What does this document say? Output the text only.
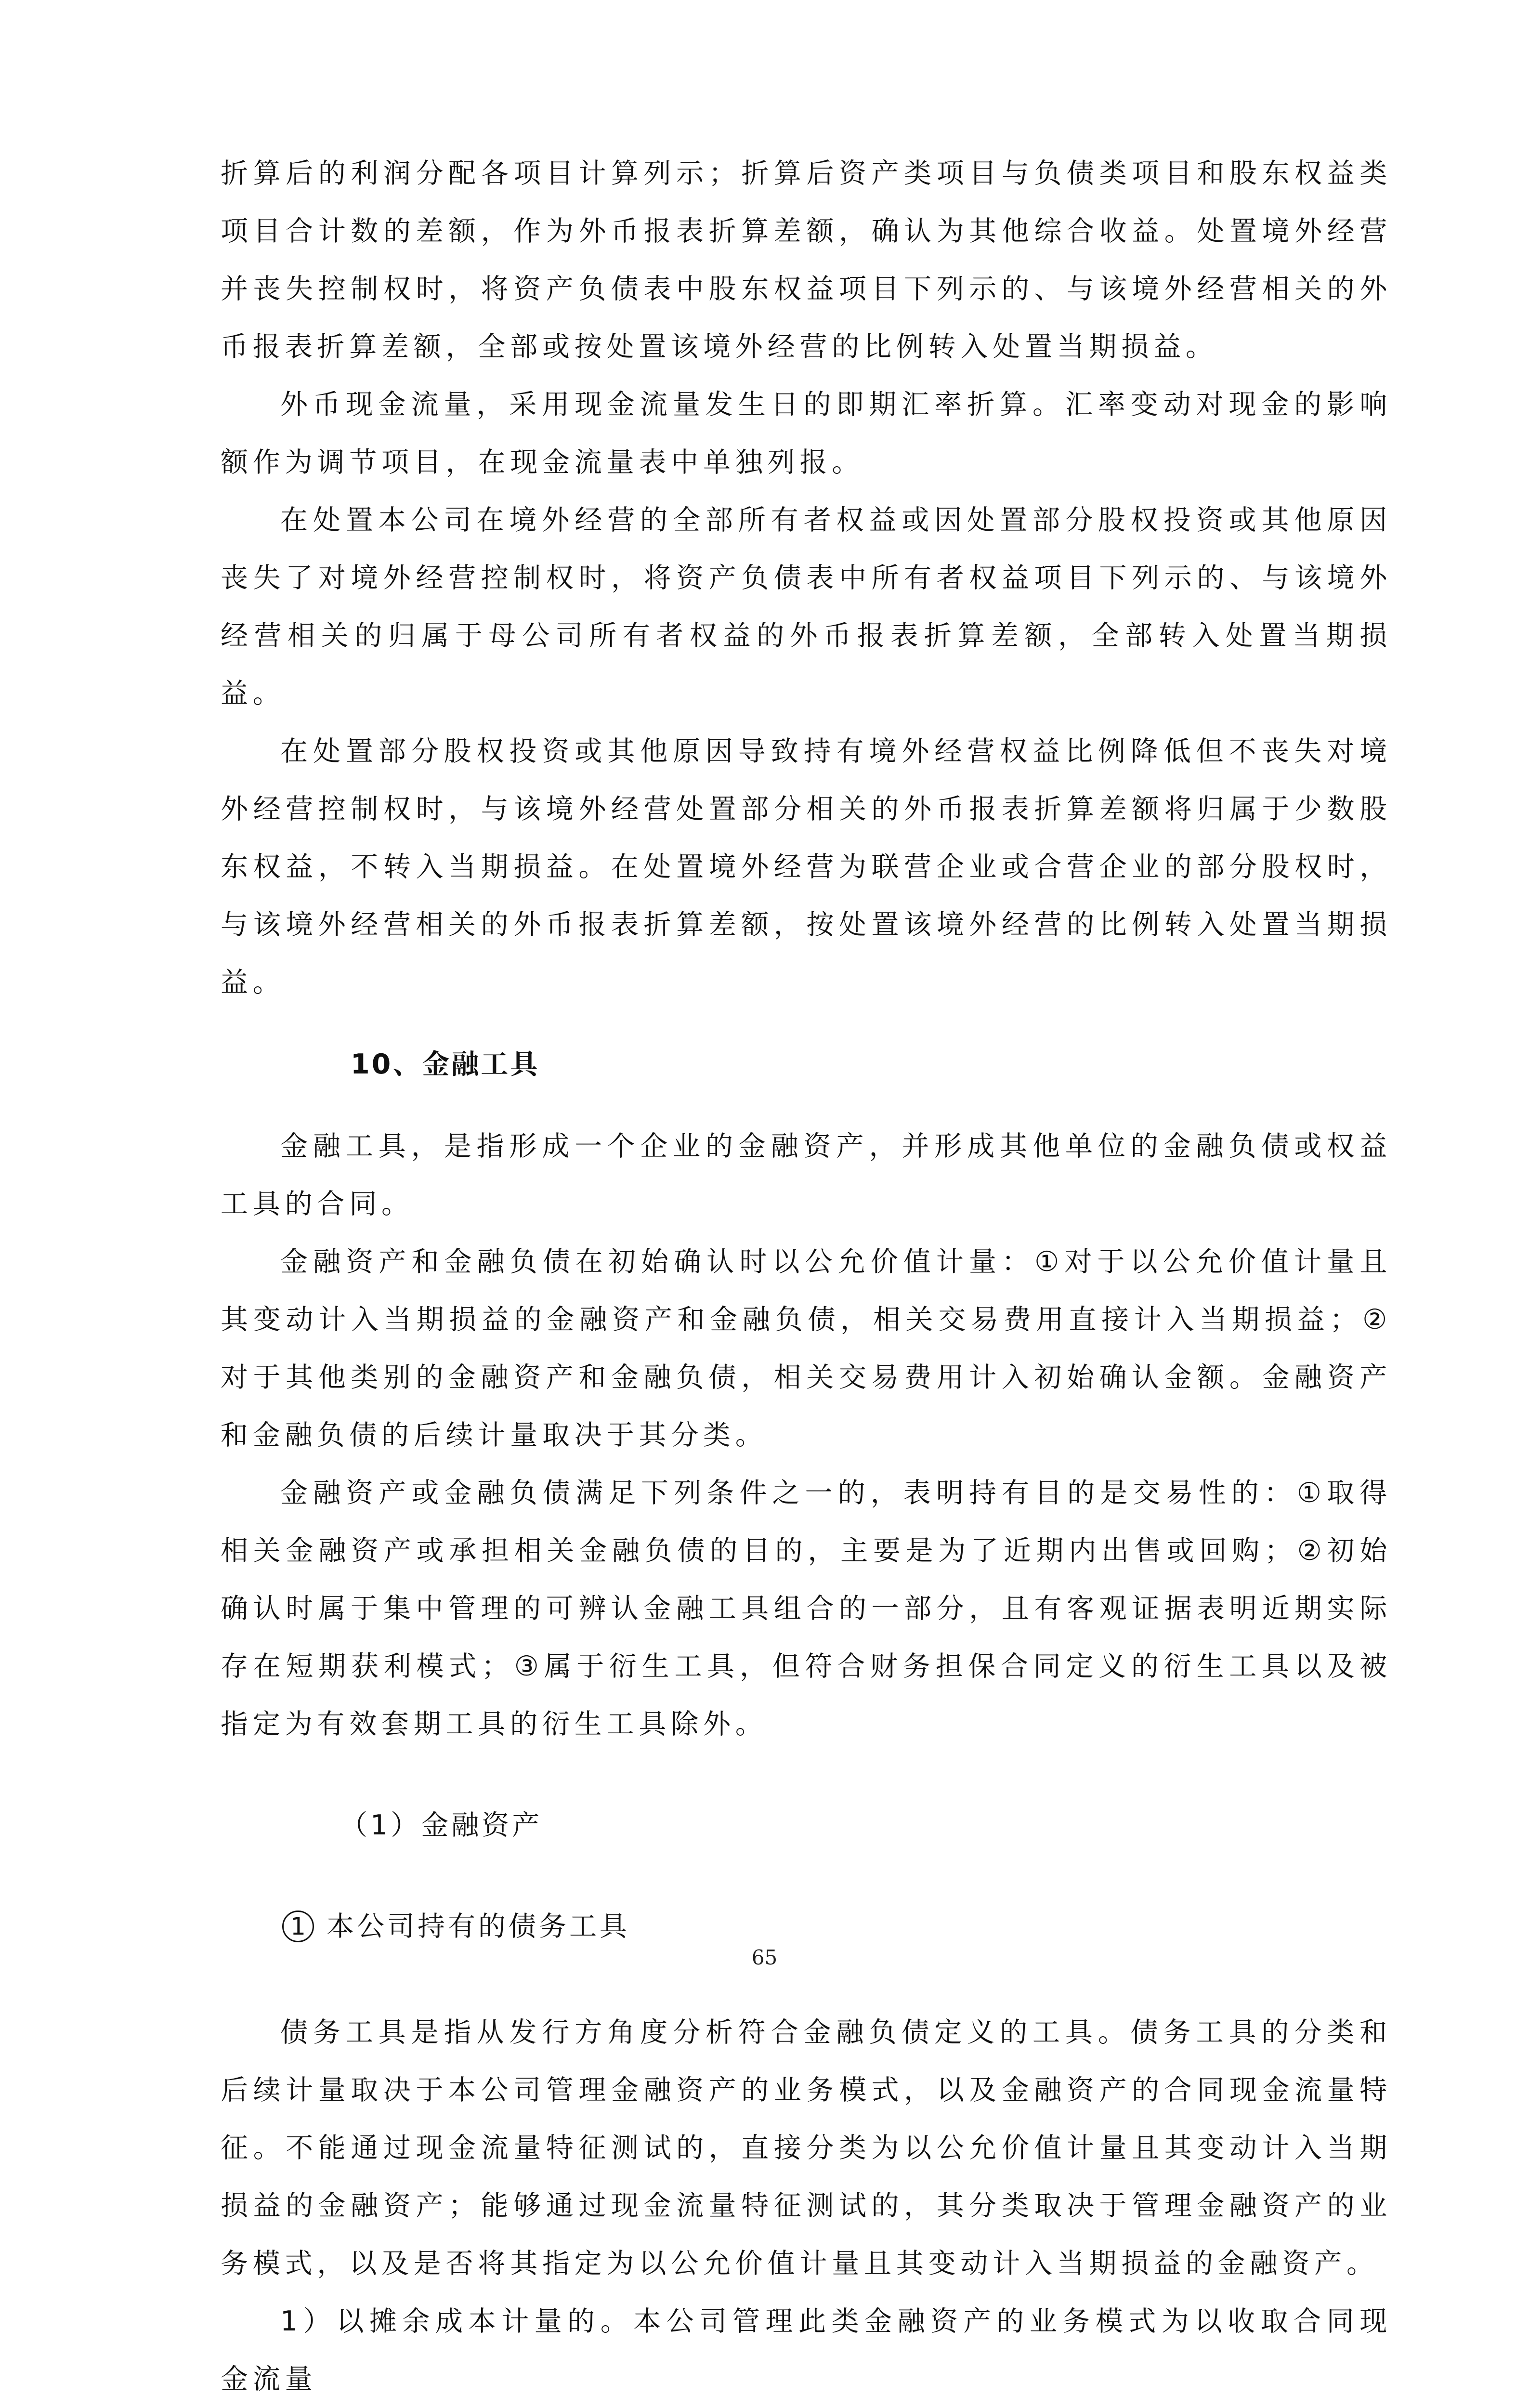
折算后的利润分配各项目计算列示；折算后资产类项目与负债类项目和股东权益类项目合计数的差额，作为外币报表折算差额，确认为其他综合收益。处置境外经营并丧失控制权时，将资产负债表中股东权益项目下列示的、与该境外经营相关的外币报表折算差额，全部或按处置该境外经营的比例转入处置当期损益。

外币现金流量，采用现金流量发生日的即期汇率折算。汇率变动对现金的影响额作为调节项目，在现金流量表中单独列报。

在处置本公司在境外经营的全部所有者权益或因处置部分股权投资或其他原因丧失了对境外经营控制权时，将资产负债表中所有者权益项目下列示的、与该境外经营相关的归属于母公司所有者权益的外币报表折算差额，全部转入处置当期损益。

在处置部分股权投资或其他原因导致持有境外经营权益比例降低但不丧失对境外经营控制权时，与该境外经营处置部分相关的外币报表折算差额将归属于少数股东权益，不转入当期损益。在处置境外经营为联营企业或合营企业的部分股权时，与该境外经营相关的外币报表折算差额，按处置该境外经营的比例转入处置当期损益。

10、金融工具

金融工具，是指形成一个企业的金融资产，并形成其他单位的金融负债或权益工具的合同。

金融资产和金融负债在初始确认时以公允价值计量：①对于以公允价值计量且其变动计入当期损益的金融资产和金融负债，相关交易费用直接计入当期损益；②对于其他类别的金融资产和金融负债，相关交易费用计入初始确认金额。金融资产和金融负债的后续计量取决于其分类。

金融资产或金融负债满足下列条件之一的，表明持有目的是交易性的：①取得相关金融资产或承担相关金融负债的目的，主要是为了近期内出售或回购；②初始确认时属于集中管理的可辨认金融工具组合的一部分，且有客观证据表明近期实际存在短期获利模式；③属于衍生工具，但符合财务担保合同定义的衍生工具以及被指定为有效套期工具的衍生工具除外。

（1）金融资产
1 本公司持有的债务工具

债务工具是指从发行方角度分析符合金融负债定义的工具。债务工具的分类和后续计量取决于本公司管理金融资产的业务模式，以及金融资产的合同现金流量特征。不能通过现金流量特征测试的，直接分类为以公允价值计量且其变动计入当期损益的金融资产；能够通过现金流量特征测试的，其分类取决于管理金融资产的业务模式，以及是否将其指定为以公允价值计量且其变动计入当期损益的金融资产。

1）以摊余成本计量的。本公司管理此类金融资产的业务模式为以收取合同现金流量

65
